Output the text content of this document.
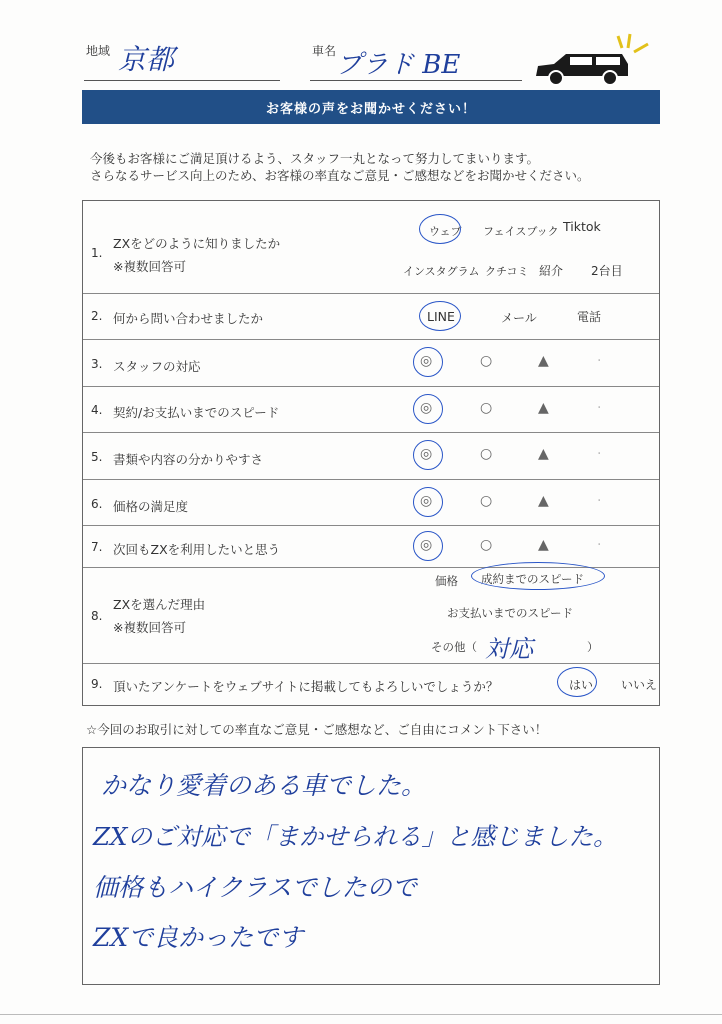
地域 京都	車名 プラド BE
お客様の声をお聞かせください！
今後もお客様にご満足頂けるよう、スタッフ一丸となって努力してまいります。
さらなるサービス向上のため、お客様の率直なご意見・ご感想などをお聞かせください。
1.
ZXをどのように知りましたか
※複数回答可
ウェブ フェイスブック Tiktok
インスタグラム クチコミ 紹介 2台目
2. 何から問い合わせましたか	LINE	メール	電話
3. スタッフの対応	◎	○	▲	·
4. 契約/お支払いまでのスピード	◎	○	▲	·
5. 書類や内容の分かりやすさ	◎	○	▲	·
6. 価格の満足度	◎	○	▲	·
7. 次回もZXを利用したいと思う	◎	○	▲	·
8.
ZXを選んだ理由
※複数回答可
価格 成約までのスピード
お支払いまでのスピード
その他（ 対応	）
9. 頂いたアンケートをウェブサイトに掲載してもよろしいでしょうか？	はい いいえ
☆今回のお取引に対しての率直なご意見・ご感想など、ご自由にコメント下さい！
かなり愛着のある車でした。
ZXのご対応で「まかせられる」と感じました。
価格もハイクラスでしたので
ZXで良かったです
